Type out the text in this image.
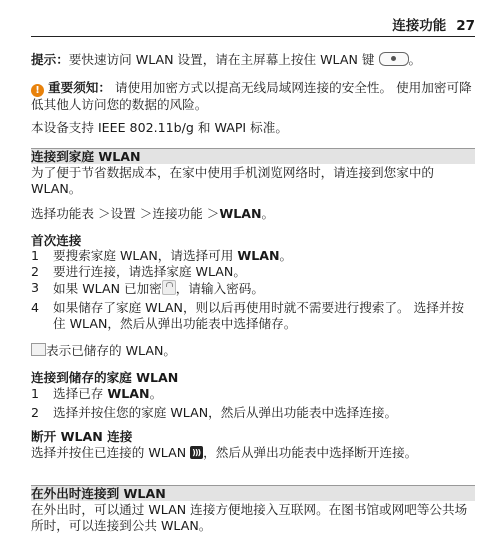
连接功能 27
提示：要快速访问 WLAN 设置，请在主屏幕上按住 WLAN 键	。
! 重要须知： 请使用加密方式以提高无线局域网连接的安全性。 使用加密可降低其他人访问您的数据的风险。
本设备支持 IEEE 802.11b/g 和 WAPI 标准。
连接到家庭 WLAN
为了便于节省数据成本，在家中使用手机浏览网络时，请连接到您家中的 WLAN。
选择功能表 ＞设置 ＞连接功能 ＞WLAN。
首次连接
1	要搜索家庭 WLAN，请选择可用 WLAN。
2	要进行连接，请选择家庭 WLAN。
3	如果 WLAN 已加密 ，请输入密码。
4	如果储存了家庭 WLAN，则以后再使用时就不需要进行搜索了。 选择并按住 WLAN，然后从弹出功能表中选择储存。
表示已储存的 WLAN。
连接到储存的家庭 WLAN
1	选择已存 WLAN。
2	选择并按住您的家庭 WLAN，然后从弹出功能表中选择连接。
断开 WLAN 连接
选择并按住已连接的 WLAN ))) ，然后从弹出功能表中选择断开连接。
在外出时连接到 WLAN
在外出时，可以通过 WLAN 连接方便地接入互联网。在图书馆或网吧等公共场所时，可以连接到公共 WLAN。
